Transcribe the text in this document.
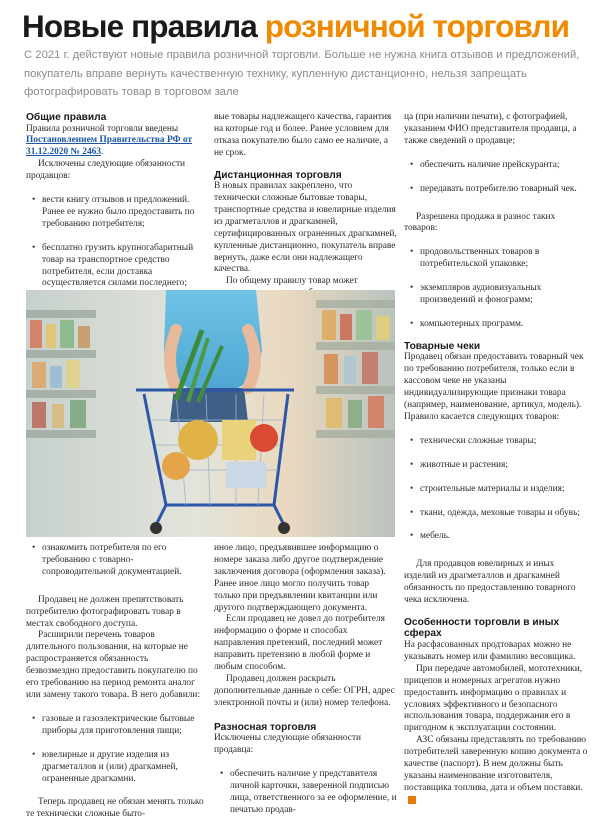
Новые правила розничной торговли
С 2021 г. действуют новые правила розничной торговли. Больше не нужна книга отзывов и предложений, покупатель вправе вернуть качественную технику, купленную дистанционно, нельзя запрещать фотографировать товар в торговом зале
Общие правила

Правила розничной торговли введены Постановлением Правительства РФ от 31.12.2020 № 2463.

Исключены следующие обязанности продавцов:

• вести книгу отзывов и предложений. Ранее ее нужно было предоставить по требованию потребителя;

• бесплатно грузить крупногабаритный товар на транспортное средство потребителя, если доставка осуществляется силами последнего;

вые товары надлежащего качества, гарантия на которые год и более. Ранее условием для отказа покупателю было само ее наличие, а не срок.

Дистанционная торговля

В новых правилах закреплено, что технически сложные бытовые товары, транспортные средства и ювелирные изделия из драгметаллов и драгкамней, сертифицированных ограненных драгкамней, купленные дистанционно, покупатель вправе вернуть, даже если они надлежащего качества.

По общему правилу товар может

• ознакомить потребителя по его требованию с товарно-сопроводительной документацией.

Продавец не должен препятствовать потребителю фотографировать товар в местах свободного доступа.

Расширили перечень товаров длительного пользования, на которые не распространяется обязанность безвозмездно предоставить покупателю по его требованию на период ремонта аналог или замену такого товара. В него добавили:

• газовые и газоэлектрические бытовые приборы для приготовления пищи;

• ювелирные и другие изделия из драгметаллов и (или) драгкамней, ограненные драгкамни.

Теперь продавец не обязан менять только те технически сложные быто-

иное лицо, предъявившее информацию о номере заказа либо другое подтверждение заключения договора (оформления заказа). Ранее иное лицо могло получить товар только при предъявлении квитанции или другого подтверждающего документа.

Если продавец не довел до потребителя информацию о форме и способах направления претензий, последний может направить претензию в любой форме и любым способом.

Продавец должен раскрыть дополнительные данные о себе: ОГРН, адрес электронной почты и (или) номер телефона.

Разносная торговля

Исключены следующие обязанности продавца:

• обеспечить наличие у представителя личной карточки, заверенной подписью лица, ответственного за ее оформление, и печатью продав-

ца (при наличии печати), с фотографией, указанием ФИО представителя продавца, а также сведений о продавце;

• обеспечить наличие прейскуранта;

• передавать потребителю товарный чек.

Разрешена продажа в разнос таких товаров:

• продовольственных товаров в потребительской упаковке;

• экземпляров аудиовизуальных произведений и фонограмм;

• компьютерных программ.

Товарные чеки

Продавец обязан предоставить товарный чек по требованию потребителя, только если в кассовом чеке не указаны индивидуализирующие признаки товара (например, наименование, артикул, модель). Правило касается следующих товаров:

• технически сложные товары;

• животные и растения;

• строительные материалы и изделия;

• ткани, одежда, меховые товары и обувь;

• мебель.

Для продавцов ювелирных и иных изделий из драгметаллов и драгкамней обязанность по предоставлению товарного чека исключена.

Особенности торговли в иных сферах

На расфасованных продтоварах можно не указывать номер или фамилию весовщика.

При передаче автомобилей, мототехники, прицепов и номерных агрегатов нужно предоставить информацию о правилах и условиях эффективного и безопасного использования товара, поддержания его в пригодном к эксплуатации состоянии.

АЗС обязаны представлять по требованию потребителей заверенную копию документа о качестве (паспорт). В нем должны быть указаны наименование изготовителя, поставщика топлива, дата и объем поставки.
